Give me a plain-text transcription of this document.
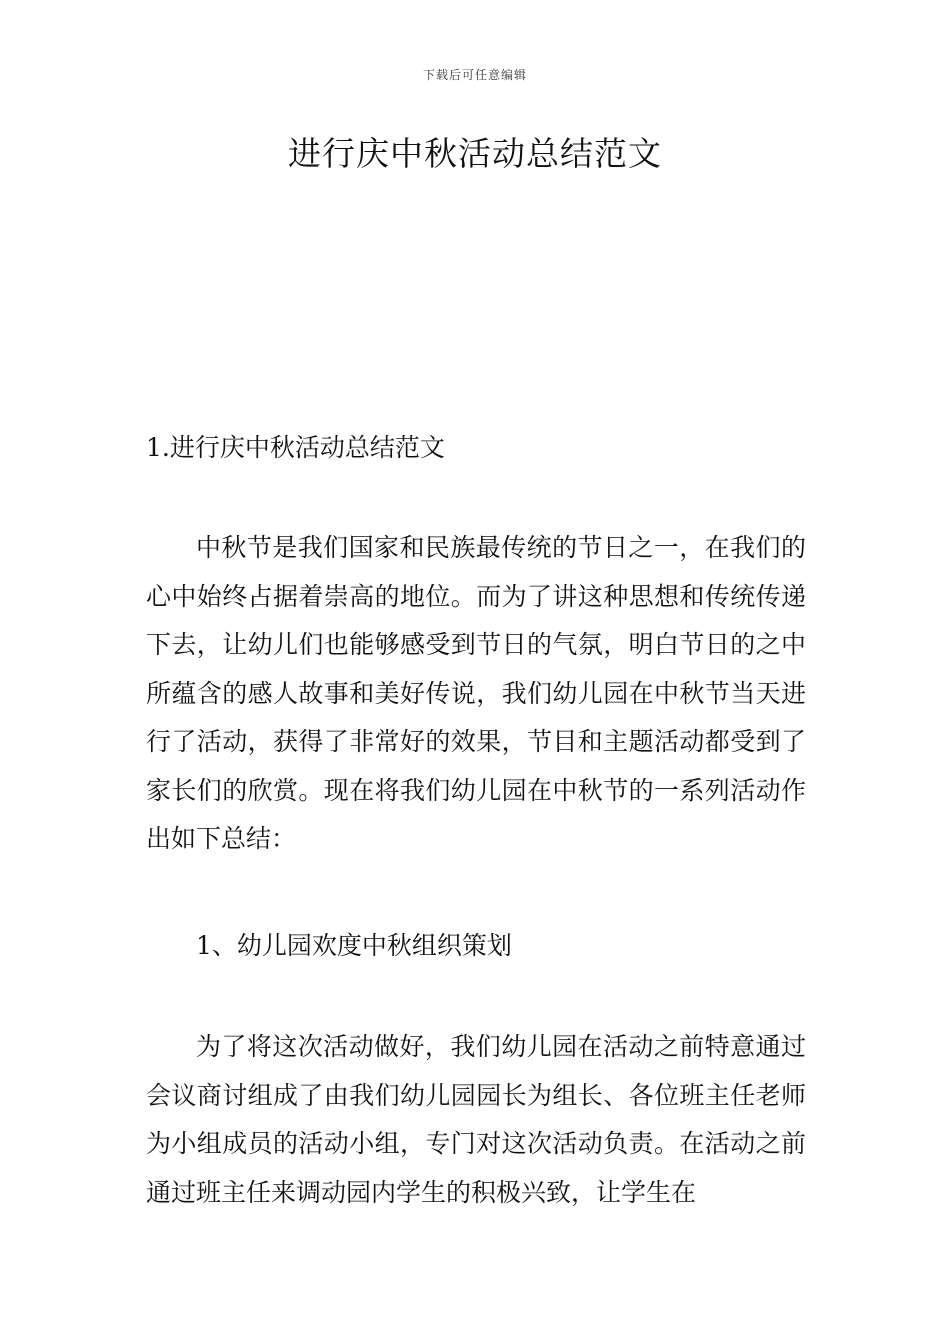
下载后可任意编辑
进行庆中秋活动总结范文
1.进行庆中秋活动总结范文

中秋节是我们国家和民族最传统的节日之一，在我们的心中始终占据着崇高的地位。而为了讲这种思想和传统传递下去，让幼儿们也能够感受到节日的气氛，明白节日的之中所蕴含的感人故事和美好传说，我们幼儿园在中秋节当天进行了活动，获得了非常好的效果，节目和主题活动都受到了家长们的欣赏。现在将我们幼儿园在中秋节的一系列活动作出如下总结：

1、幼儿园欢度中秋组织策划

为了将这次活动做好，我们幼儿园在活动之前特意通过会议商讨组成了由我们幼儿园园长为组长、各位班主任老师为小组成员的活动小组，专门对这次活动负责。在活动之前通过班主任来调动园内学生的积极兴致，让学生在
